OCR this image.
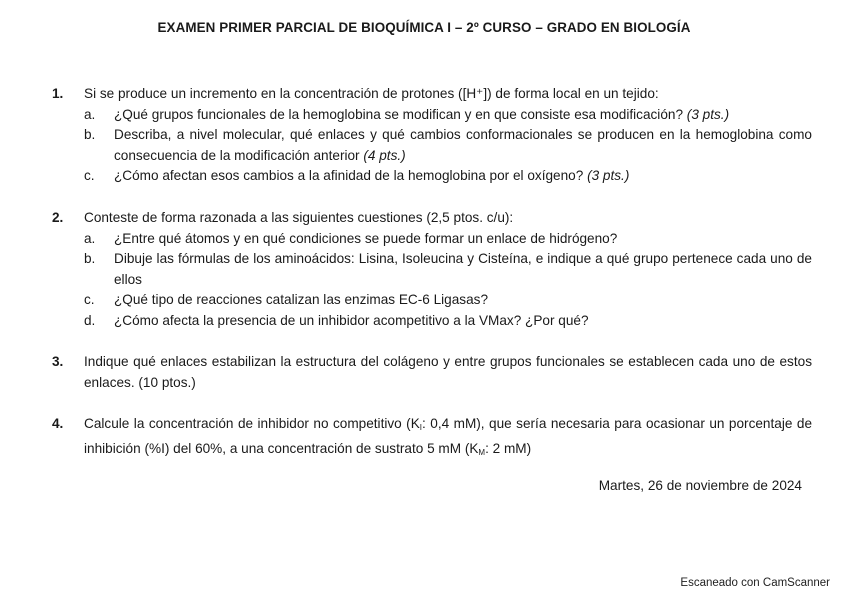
EXAMEN PRIMER PARCIAL DE BIOQUÍMICA I – 2º CURSO – GRADO EN BIOLOGÍA
1.	Si se produce un incremento en la concentración de protones ([H⁺]) de forma local en un tejido:
a.	¿Qué grupos funcionales de la hemoglobina se modifican y en que consiste esa modificación? (3 pts.)
b.	Describa, a nivel molecular, qué enlaces y qué cambios conformacionales se producen en la hemoglobina como consecuencia de la modificación anterior (4 pts.)
c.	¿Cómo afectan esos cambios a la afinidad de la hemoglobina por el oxígeno? (3 pts.)
2.	Conteste de forma razonada a las siguientes cuestiones (2,5 ptos. c/u):
a.	¿Entre qué átomos y en qué condiciones se puede formar un enlace de hidrógeno?
b.	Dibuje las fórmulas de los aminoácidos: Lisina, Isoleucina y Cisteína, e indique a qué grupo pertenece cada uno de ellos
c.	¿Qué tipo de reacciones catalizan las enzimas EC-6 Ligasas?
d.	¿Cómo afecta la presencia de un inhibidor acompetitivo a la VMax? ¿Por qué?
3.	Indique qué enlaces estabilizan la estructura del colágeno y entre grupos funcionales se establecen cada uno de estos enlaces. (10 ptos.)
4.	Calcule la concentración de inhibidor no competitivo ($K_I$: 0,4 mM), que sería necesaria para ocasionar un porcentaje de inhibición (%I) del 60%, a una concentración de sustrato 5 mM ($K_M$: 2 mM)
Martes, 26 de noviembre de 2024
Escaneado con CamScanner
